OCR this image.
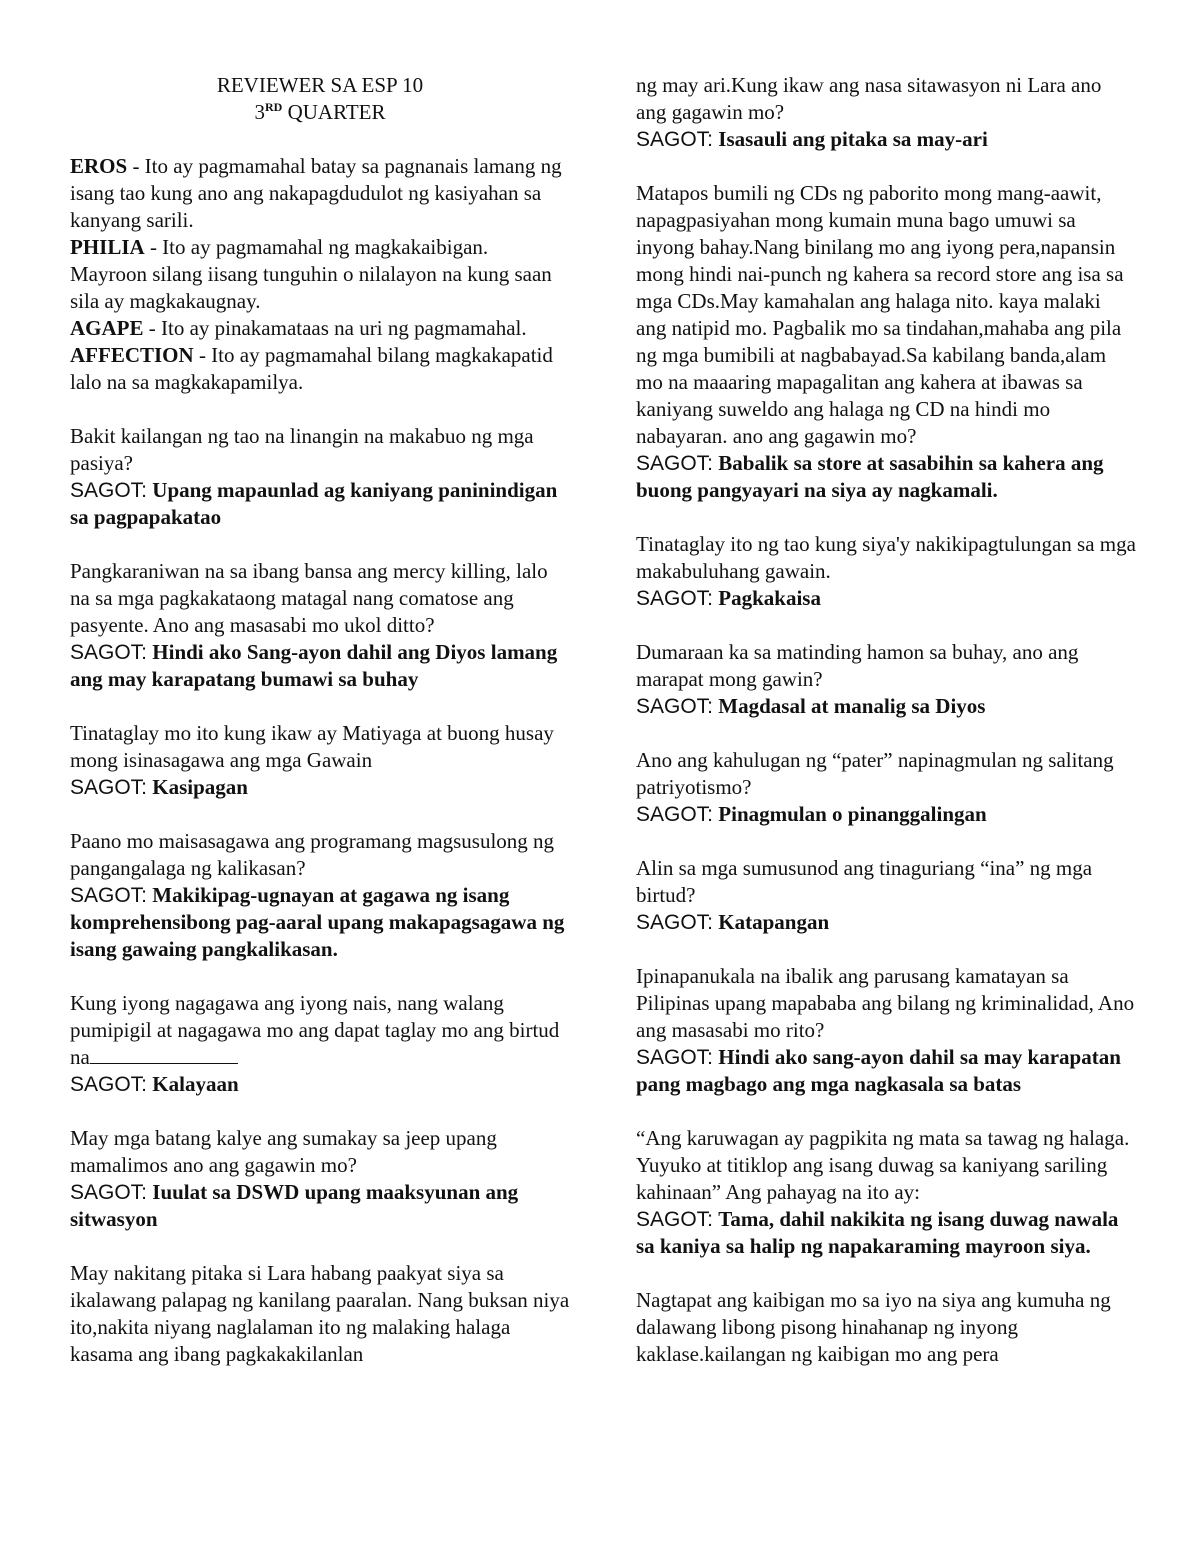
REVIEWER SA ESP 10
3RD QUARTER

EROS - Ito ay pagmamahal batay sa pagnanais lamang ng isang tao kung ano ang nakapagdudulot ng kasiyahan sa kanyang sarili.

PHILIA - Ito ay pagmamahal ng magkakaibigan. Mayroon silang iisang tunguhin o nilalayon na kung saan sila ay magkakaugnay.

AGAPE - Ito ay pinakamataas na uri ng pagmamahal.

AFFECTION - Ito ay pagmamahal bilang magkakapatid lalo na sa magkakapamilya.

Bakit kailangan ng tao na linangin na makabuo ng mga pasiya?
SAGOT: Upang mapaunlad ag kaniyang paninindigan sa pagpapakatao

Pangkaraniwan na sa ibang bansa ang mercy killing, lalo na sa mga pagkakataong matagal nang comatose ang pasyente. Ano ang masasabi mo ukol ditto?
SAGOT: Hindi ako Sang-ayon dahil ang Diyos lamang ang may karapatang bumawi sa buhay

Tinataglay mo ito kung ikaw ay Matiyaga at buong husay mong isinasagawa ang mga Gawain
SAGOT: Kasipagan

Paano mo maisasagawa ang programang magsusulong ng pangangalaga ng kalikasan?
SAGOT: Makikipag-ugnayan at gagawa ng isang komprehensibong pag-aaral upang makapagsagawa ng isang gawaing pangkalikasan.

Kung iyong nagagawa ang iyong nais, nang walang pumipigil at nagagawa mo ang dapat taglay mo ang birtud na
SAGOT: Kalayaan

May mga batang kalye ang sumakay sa jeep upang mamalimos ano ang gagawin mo?
SAGOT: Iuulat sa DSWD upang maaksyunan ang sitwasyon

May nakitang pitaka si Lara habang paakyat siya sa ikalawang palapag ng kanilang paaralan. Nang buksan niya ito,nakita niyang naglalaman ito ng malaking halaga kasama ang ibang pagkakakilanlan

ng may ari.Kung ikaw ang nasa sitawasyon ni Lara ano ang gagawin mo?
SAGOT: Isasauli ang pitaka sa may-ari

Matapos bumili ng CDs ng paborito mong mang-aawit, napagpasiyahan mong kumain muna bago umuwi sa inyong bahay.Nang binilang mo ang iyong pera,napansin mong hindi nai-punch ng kahera sa record store ang isa sa mga CDs.May kamahalan ang halaga nito. kaya malaki ang natipid mo. Pagbalik mo sa tindahan,mahaba ang pila ng mga bumibili at nagbabayad.Sa kabilang banda,alam mo na maaaring mapagalitan ang kahera at ibawas sa kaniyang suweldo ang halaga ng CD na hindi mo nabayaran. ano ang gagawin mo?
SAGOT: Babalik sa store at sasabihin sa kahera ang buong pangyayari na siya ay nagkamali.

Tinataglay ito ng tao kung siya'y nakikipagtulungan sa mga makabuluhang gawain.
SAGOT: Pagkakaisa

Dumaraan ka sa matinding hamon sa buhay, ano ang marapat mong gawin?
SAGOT: Magdasal at manalig sa Diyos

Ano ang kahulugan ng “pater” napinagmulan ng salitang patriyotismo?
SAGOT: Pinagmulan o pinanggalingan

Alin sa mga sumusunod ang tinaguriang “ina” ng mga birtud?
SAGOT: Katapangan

Ipinapanukala na ibalik ang parusang kamatayan sa Pilipinas upang mapababa ang bilang ng kriminalidad, Ano ang masasabi mo rito?
SAGOT: Hindi ako sang-ayon dahil sa may karapatan pang magbago ang mga nagkasala sa batas

“Ang karuwagan ay pagpikita ng mata sa tawag ng halaga. Yuyuko at titiklop ang isang duwag sa kaniyang sariling kahinaan” Ang pahayag na ito ay:
SAGOT: Tama, dahil nakikita ng isang duwag nawala sa kaniya sa halip ng napakaraming mayroon siya.

Nagtapat ang kaibigan mo sa iyo na siya ang kumuha ng dalawang libong pisong hinahanap ng inyong kaklase.kailangan ng kaibigan mo ang pera
